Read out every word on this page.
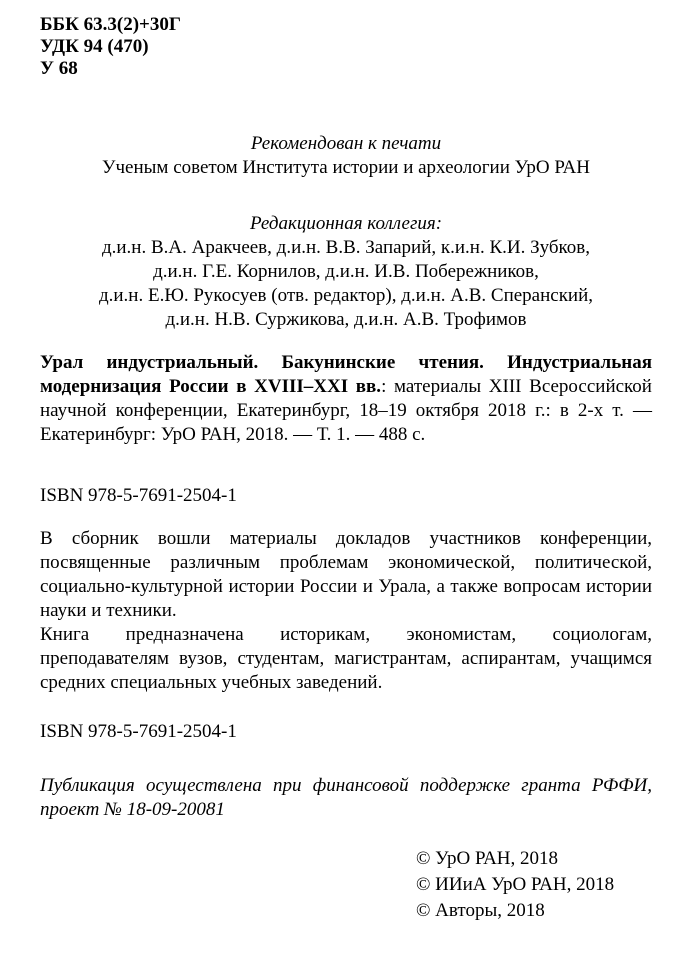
ББК 63.3(2)+30Г
УДК 94 (470)
У 68
Рекомендован к печати
Ученым советом Института истории и археологии УрО РАН
Редакционная коллегия:
д.и.н. В.А. Аракчеев, д.и.н. В.В. Запарий, к.и.н. К.И. Зубков,
д.и.н. Г.Е. Корнилов, д.и.н. И.В. Побережников,
д.и.н. Е.Ю. Рукосуев (отв. редактор), д.и.н. А.В. Сперанский,
д.и.н. Н.В. Суржикова, д.и.н. А.В. Трофимов
Урал индустриальный. Бакунинские чтения. Индустриальная модернизация России в XVIII–XXI вв.: материалы XIII Всероссийской научной конференции, Екатеринбург, 18–19 октября 2018 г.: в 2-х т. — Екатеринбург: УрО РАН, 2018. — Т. 1. — 488 с.
ISBN 978-5-7691-2504-1

В сборник вошли материалы докладов участников конференции, посвященные различным проблемам экономической, политической, социально-культурной истории России и Урала, а также вопросам истории науки и техники.

Книга предназначена историкам, экономистам, социологам, преподавателям вузов, студентам, магистрантам, аспирантам, учащимся средних специальных учебных заведений.

ISBN 978-5-7691-2504-1
Публикация осуществлена при финансовой поддержке гранта РФФИ, проект № 18-09-20081
© УрО РАН, 2018
© ИИиА УрО РАН, 2018
© Авторы, 2018
